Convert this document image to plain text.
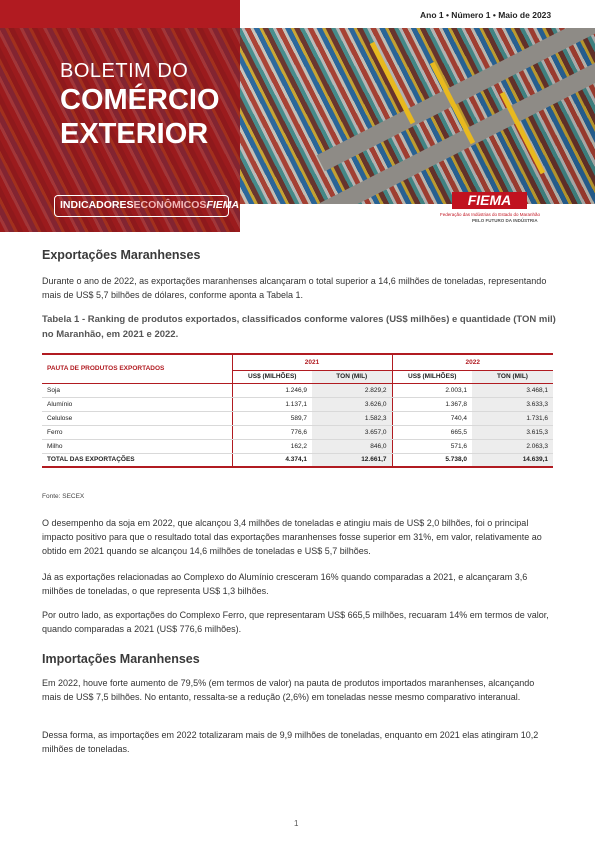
BOLETIM DO
COMÉRCIO
EXTERIOR
INDICADORESECONÔMICOSFIEMA
Ano 1 • Número 1 • Maio de 2023
FIEMA
Federação das Indústrias do Estado do Maranhão
PELO FUTURO DA INDÚSTRIA
Exportações Maranhenses
Durante o ano de 2022, as exportações maranhenses alcançaram o total superior a 14,6 milhões de toneladas, representando mais de US$ 5,7 bilhões de dólares, conforme aponta a Tabela 1.
Tabela 1 - Ranking de produtos exportados, classificados conforme valores (US$ milhões) e quantidade (TON mil) no Maranhão, em 2021 e 2022.
PAUTA DE PRODUTOS EXPORTADOS	2021		2022	
	US$ (MILHÕES)	TON (MIL)	US$ (MILHÕES)	TON (MIL)
Soja	1.246,9	2.829,2	2.003,1	3.468,1
Alumínio	1.137,1	3.626,0	1.367,8	3.633,3
Celulose	589,7	1.582,3	740,4	1.731,6
Ferro	776,6	3.657,0	665,5	3.615,3
Milho	162,2	846,0	571,6	2.063,3
TOTAL DAS EXPORTAÇÕES	4.374,1	12.661,7	5.738,0	14.639,1
Fonte: SECEX
O desempenho da soja em 2022, que alcançou 3,4 milhões de toneladas e atingiu mais de US$ 2,0 bilhões, foi o principal impacto positivo para que o resultado total das exportações maranhenses fosse superior em 31%, em valor, relativamente ao obtido em 2021 quando se alcançou 14,6 milhões de toneladas e US$ 5,7 bilhões.
Já as exportações relacionadas ao Complexo do Alumínio cresceram 16% quando comparadas a 2021, e alcançaram 3,6 milhões de toneladas, o que representa US$ 1,3 bilhões.
Por outro lado, as exportações do Complexo Ferro, que representaram US$ 665,5 milhões, recuaram 14% em termos de valor, quando comparadas a 2021 (US$ 776,6 milhões).
Importações Maranhenses
Em 2022, houve forte aumento de 79,5% (em termos de valor) na pauta de produtos importados maranhenses, alcançando mais de US$ 7,5 bilhões. No entanto, ressalta-se a redução (2,6%) em toneladas nesse mesmo comparativo interanual.
Dessa forma, as importações em 2022 totalizaram mais de 9,9 milhões de toneladas, enquanto em 2021 elas atingiram 10,2 milhões de toneladas.
1
